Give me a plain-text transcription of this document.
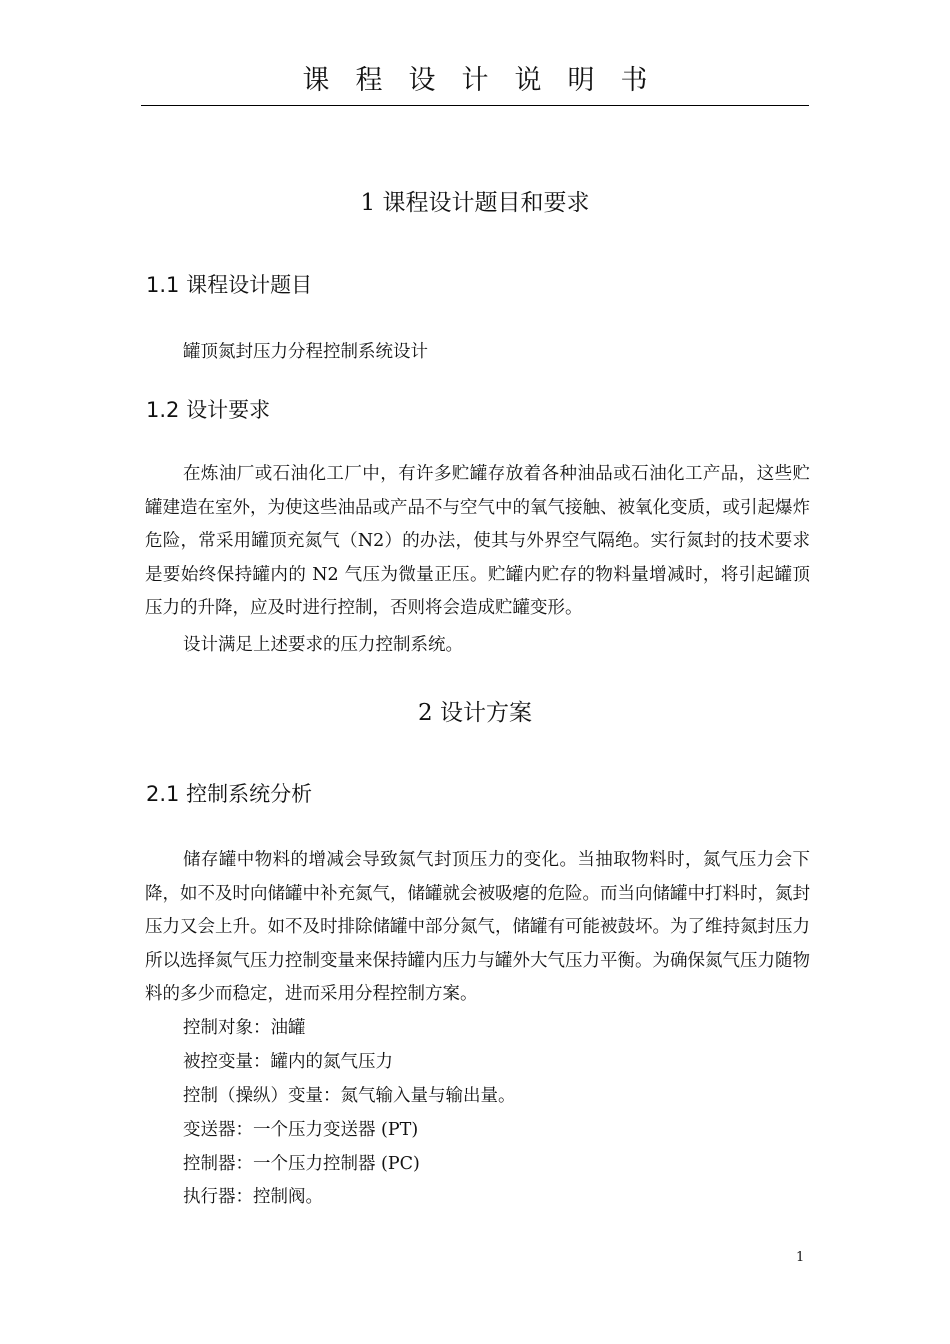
课程设计说明书
1 课程设计题目和要求
1.1 课程设计题目

罐顶氮封压力分程控制系统设计

1.2 设计要求

在炼油厂或石油化工厂中，有许多贮罐存放着各种油品或石油化工产品，这些贮罐建造在室外，为使这些油品或产品不与空气中的氧气接触、被氧化变质，或引起爆炸危险，常采用罐顶充氮气（N2）的办法，使其与外界空气隔绝。实行氮封的技术要求是要始终保持罐内的 N2 气压为微量正压。贮罐内贮存的物料量增减时，将引起罐顶压力的升降，应及时进行控制，否则将会造成贮罐变形。

设计满足上述要求的压力控制系统。

2 设计方案
2.1 控制系统分析

储存罐中物料的增减会导致氮气封顶压力的变化。当抽取物料时，氮气压力会下降，如不及时向储罐中补充氮气，储罐就会被吸瘪的危险。而当向储罐中打料时，氮封压力又会上升。如不及时排除储罐中部分氮气，储罐有可能被鼓坏。为了维持氮封压力所以选择氮气压力控制变量来保持罐内压力与罐外大气压力平衡。为确保氮气压力随物料的多少而稳定，进而采用分程控制方案。

控制对象：油罐

被控变量：罐内的氮气压力

控制（操纵）变量：氮气输入量与输出量。

变送器：一个压力变送器 (PT)

控制器：一个压力控制器 (PC)

执行器：控制阀。

1
